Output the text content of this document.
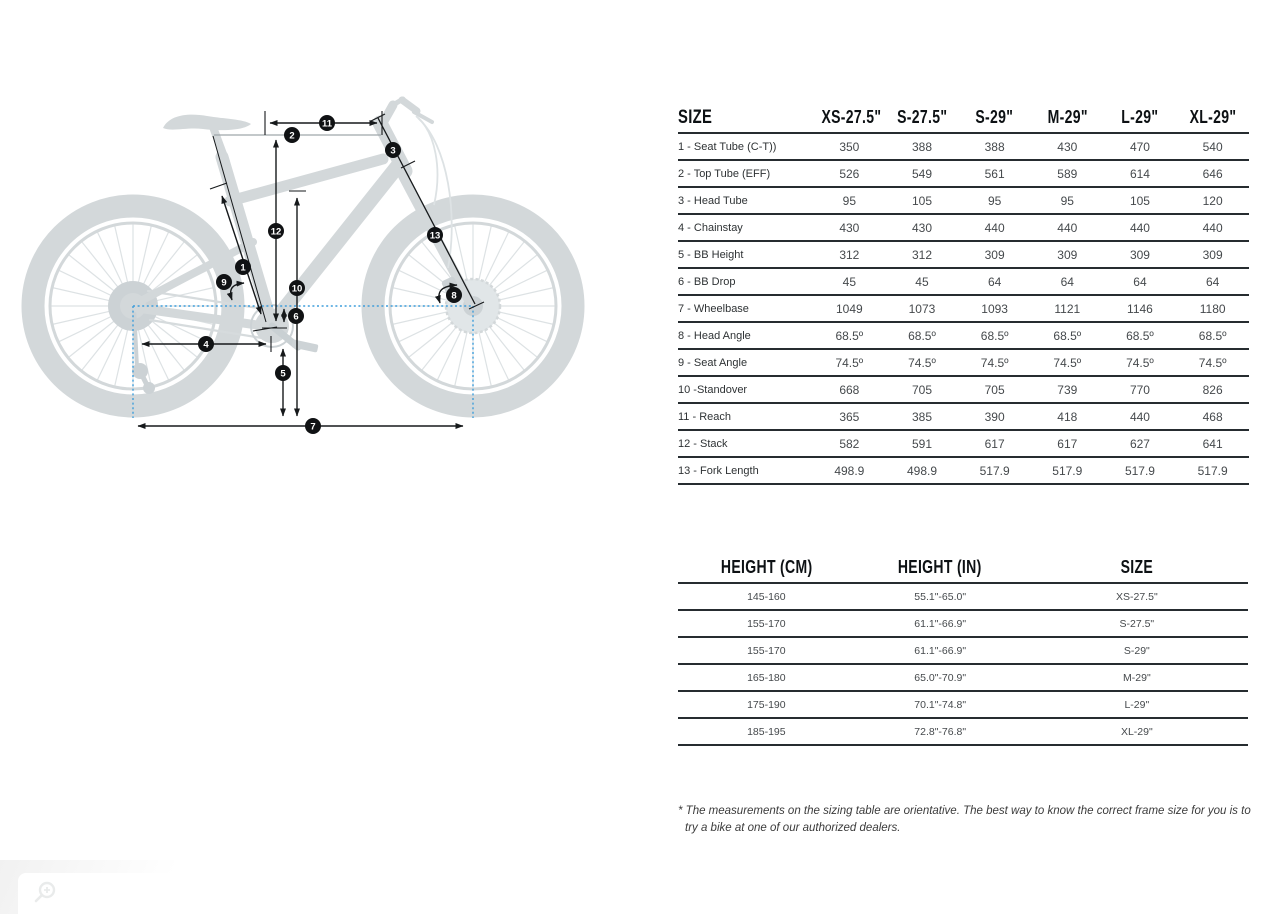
1
2
3
4
5
6
7
8
9
10
11
12	13
SIZE	XS-27.5"	S-27.5"	S-29"	M-29"	L-29"	XL-29"
1 - Seat Tube (C-T))	350	388	388	430	470	540
2 - Top Tube (EFF)	526	549	561	589	614	646
3 - Head Tube	95	105	95	95	105	120
4 - Chainstay	430	430	440	440	440	440
5 - BB Height	312	312	309	309	309	309
6 - BB Drop	45	45	64	64	64	64
7 - Wheelbase	1049	1073	1093	1121	1146	1180
8 - Head Angle	68.5º	68.5º	68.5º	68.5º	68.5º	68.5º
9 - Seat Angle	74.5º	74.5º	74.5º	74.5º	74.5º	74.5º
10 -Standover	668	705	705	739	770	826
11 - Reach	365	385	390	418	440	468
12 - Stack	582	591	617	617	627	641
13 - Fork Length	498.9	498.9	517.9	517.9	517.9	517.9
HEIGHT (CM)	HEIGHT (IN)	SIZE
145-160	55.1"-65.0"	XS-27.5"
155-170	61.1"-66.9"	S-27.5"
155-170	61.1"-66.9"	S-29"
165-180	65.0"-70.9"	M-29"
175-190	70.1"-74.8"	L-29"
185-195	72.8"-76.8"	XL-29"

* The measurements on the sizing table are orientative. The best way to know the correct frame size for you is to try a bike at one of our authorized dealers.
